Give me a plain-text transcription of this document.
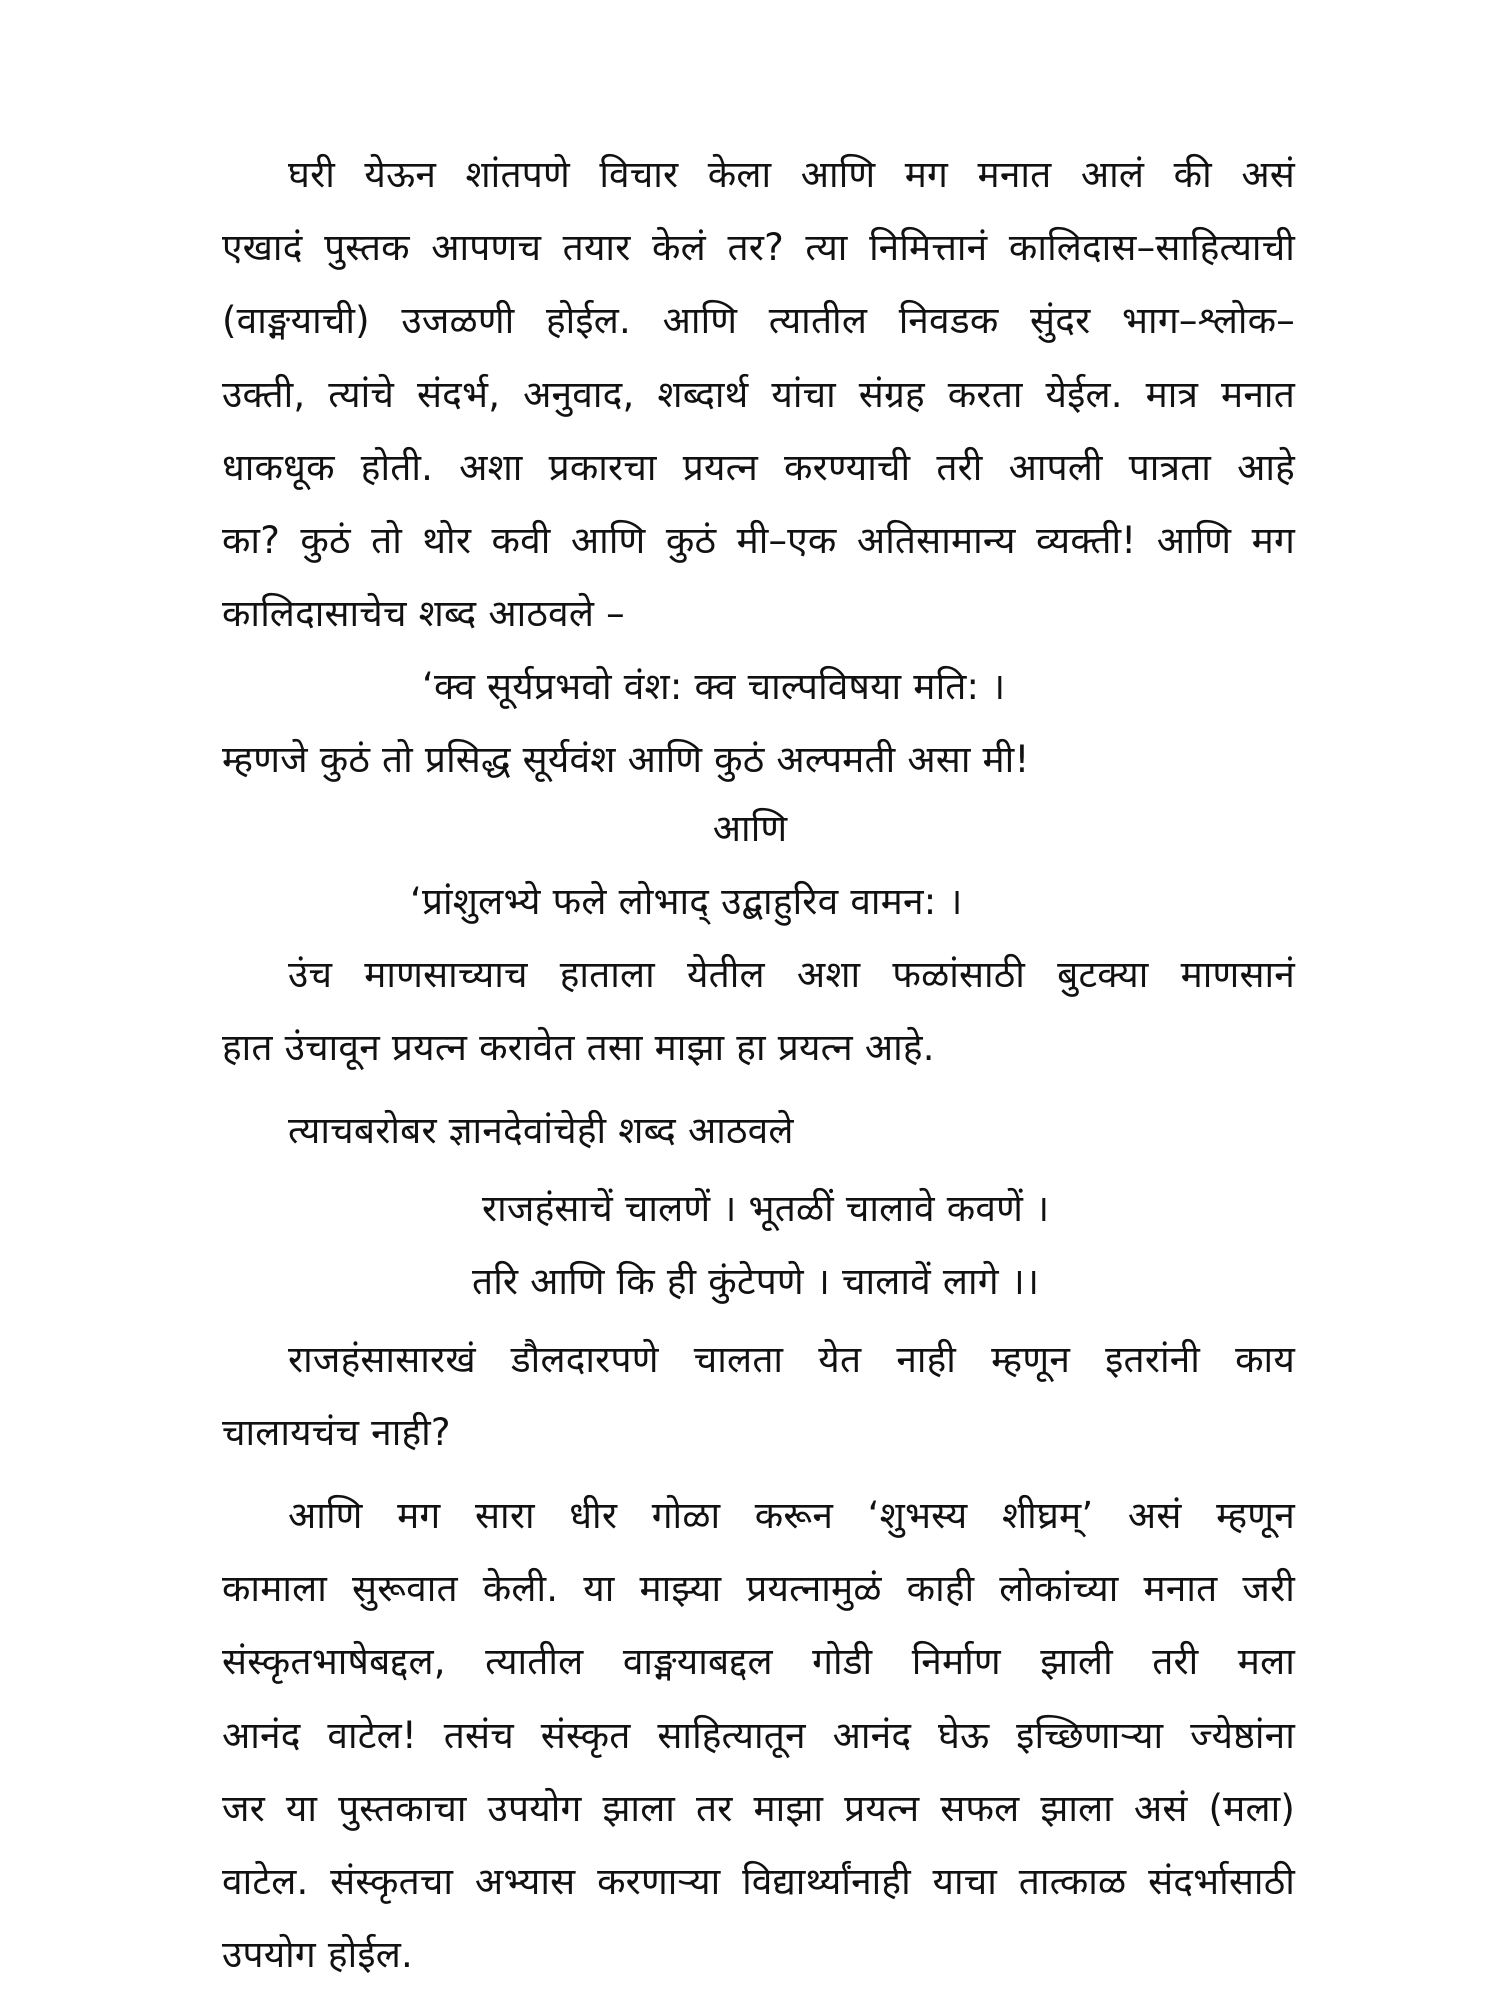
घरी येऊन शांतपणे विचार केला आणि मग मनात आलं की असं
एखादं पुस्तक आपणच तयार केलं तर? त्या निमित्तानं कालिदास–साहित्याची
(वाङ्मयाची) उजळणी होईल. आणि त्यातील निवडक सुंदर भाग–श्लोक–
उक्ती, त्यांचे संदर्भ, अनुवाद, शब्दार्थ यांचा संग्रह करता येईल. मात्र मनात
धाकधूक होती. अशा प्रकारचा प्रयत्न करण्याची तरी आपली पात्रता आहे
का? कुठं तो थोर कवी आणि कुठं मी–एक अतिसामान्य व्यक्ती! आणि मग
कालिदासाचेच शब्द आठवले –
‘क्व सूर्यप्रभवो वंश: क्व चाल्पविषया मति: ।
म्हणजे कुठं तो प्रसिद्ध सूर्यवंश आणि कुठं अल्पमती असा मी!
आणि
‘प्रांशुलभ्ये फले लोभाद् उद्बाहुरिव वामन: ।
उंच माणसाच्याच हाताला येतील अशा फळांसाठी बुटक्या माणसानं
हात उंचावून प्रयत्न करावेत तसा माझा हा प्रयत्न आहे.
त्याचबरोबर ज्ञानदेवांचेही शब्द आठवले
राजहंसाचें चालणें । भूतळीं चालावे कवणें ।
तरि आणि कि ही कुंटेपणे । चालावें लागे ।।
राजहंसासारखं डौलदारपणे चालता येत नाही म्हणून इतरांनी काय
चालायचंच नाही?
आणि मग सारा धीर गोळा करून ‘शुभस्य शीघ्रम्’ असं म्हणून
कामाला सुरूवात केली. या माझ्या प्रयत्नामुळं काही लोकांच्या मनात जरी
संस्कृतभाषेबद्दल, त्यातील वाङ्मयाबद्दल गोडी निर्माण झाली तरी मला
आनंद वाटेल! तसंच संस्कृत साहित्यातून आनंद घेऊ इच्छिणाऱ्या ज्येष्ठांना
जर या पुस्तकाचा उपयोग झाला तर माझा प्रयत्न सफल झाला असं (मला)
वाटेल. संस्कृतचा अभ्यास करणाऱ्या विद्यार्थ्यांनाही याचा तात्काळ संदर्भासाठी
उपयोग होईल.
